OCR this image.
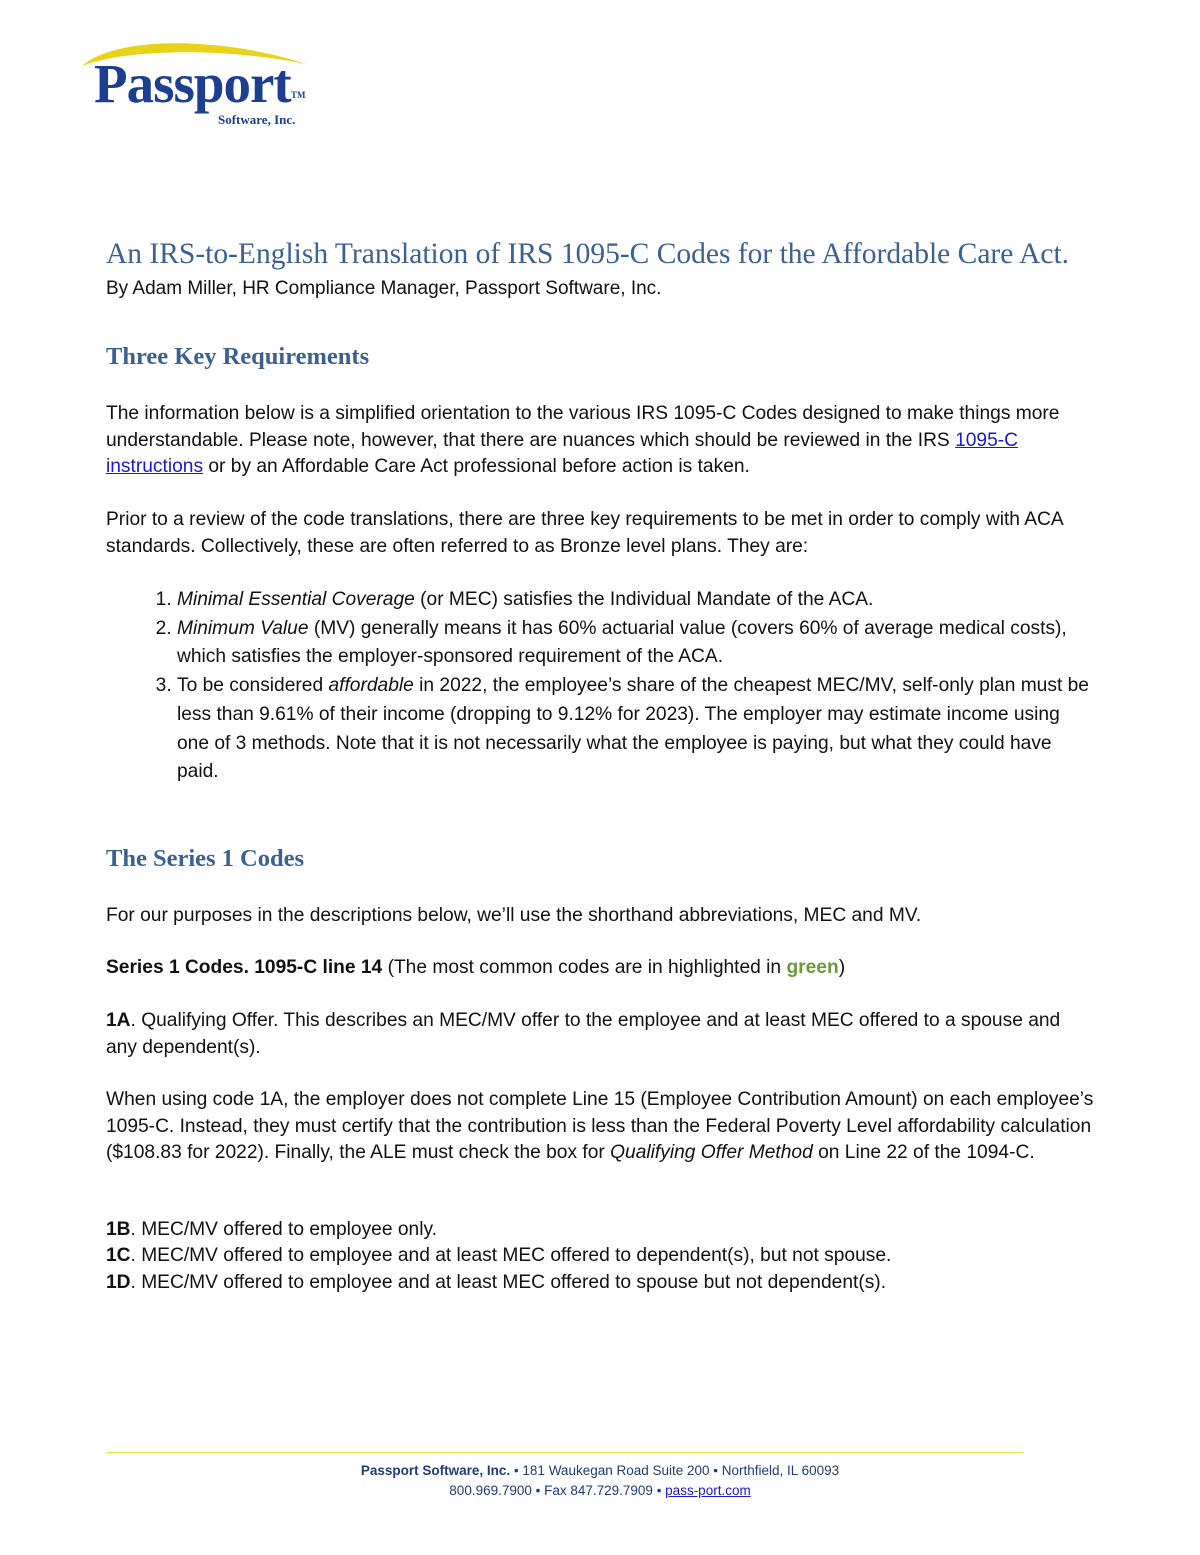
Passport TM
Software, Inc.
An IRS-to-English Translation of IRS 1095-C Codes for the Affordable Care Act.
By Adam Miller, HR Compliance Manager, Passport Software, Inc.
Three Key Requirements

The information below is a simplified orientation to the various IRS 1095-C Codes designed to make things more understandable. Please note, however, that there are nuances which should be reviewed in the IRS 1095-C instructions or by an Affordable Care Act professional before action is taken.

Prior to a review of the code translations, there are three key requirements to be met in order to comply with ACA standards. Collectively, these are often referred to as Bronze level plans. They are:

1. Minimal Essential Coverage (or MEC) satisfies the Individual Mandate of the ACA.
2. Minimum Value (MV) generally means it has 60% actuarial value (covers 60% of average medical costs), which satisfies the employer-sponsored requirement of the ACA.
3. To be considered affordable in 2022, the employee’s share of the cheapest MEC/MV, self-only plan must be less than 9.61% of their income (dropping to 9.12% for 2023). The employer may estimate income using one of 3 methods. Note that it is not necessarily what the employee is paying, but what they could have paid.
The Series 1 Codes

For our purposes in the descriptions below, we’ll use the shorthand abbreviations, MEC and MV.

Series 1 Codes. 1095-C line 14 (The most common codes are in highlighted in green)

1A. Qualifying Offer. This describes an MEC/MV offer to the employee and at least MEC offered to a spouse and any dependent(s).

When using code 1A, the employer does not complete Line 15 (Employee Contribution Amount) on each employee’s 1095-C. Instead, they must certify that the contribution is less than the Federal Poverty Level affordability calculation ($108.83 for 2022). Finally, the ALE must check the box for Qualifying Offer Method on Line 22 of the 1094-C.

1B. MEC/MV offered to employee only.
1C. MEC/MV offered to employee and at least MEC offered to dependent(s), but not spouse.
1D. MEC/MV offered to employee and at least MEC offered to spouse but not dependent(s).
Passport Software, Inc. • 181 Waukegan Road Suite 200 • Northfield, IL 60093
800.969.7900 • Fax 847.729.7909 • pass-port.com
